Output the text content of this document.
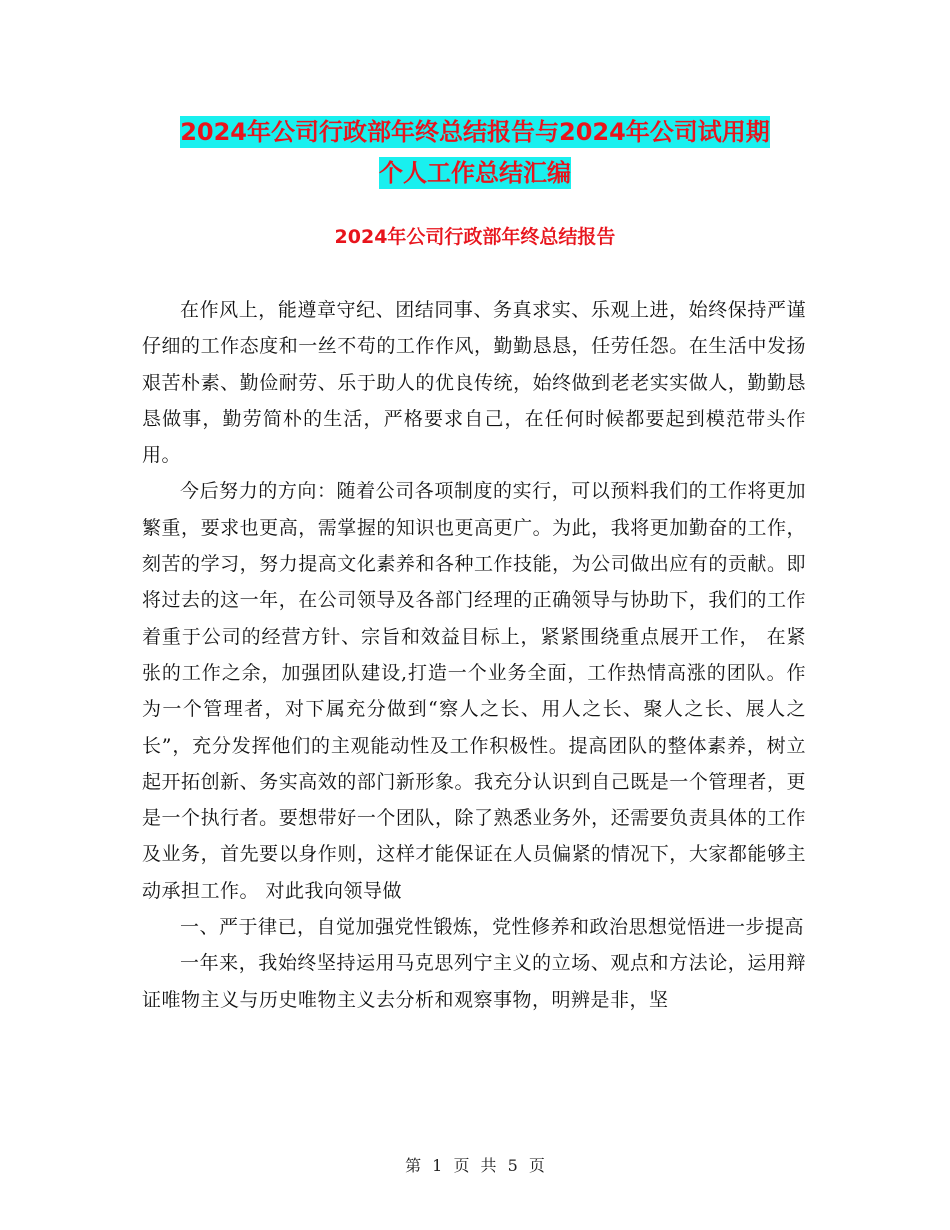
2024年公司行政部年终总结报告与2024年公司试用期
个人工作总结汇编
2024年公司行政部年终总结报告

在作风上，能遵章守纪、团结同事、务真求实、乐观上进，始终保持严谨仔细的工作态度和一丝不苟的工作作风，勤勤恳恳，任劳任怨。在生活中发扬艰苦朴素、勤俭耐劳、乐于助人的优良传统，始终做到老老实实做人，勤勤恳恳做事，勤劳简朴的生活，严格要求自己，在任何时候都要起到模范带头作用。

今后努力的方向：随着公司各项制度的实行，可以预料我们的工作将更加繁重，要求也更高，需掌握的知识也更高更广。为此，我将更加勤奋的工作，刻苦的学习，努力提高文化素养和各种工作技能，为公司做出应有的贡献。即将过去的这一年，在公司领导及各部门经理的正确领导与协助下，我们的工作着重于公司的经营方针、宗旨和效益目标上，紧紧围绕重点展开工作， 在紧张的工作之余，加强团队建设,打造一个业务全面，工作热情高涨的团队。作为一个管理者，对下属充分做到“察人之长、用人之长、聚人之长、展人之长”，充分发挥他们的主观能动性及工作积极性。提高团队的整体素养，树立起开拓创新、务实高效的部门新形象。我充分认识到自己既是一个管理者，更是一个执行者。要想带好一个团队，除了熟悉业务外，还需要负责具体的工作及业务，首先要以身作则，这样才能保证在人员偏紧的情况下，大家都能够主动承担工作。 对此我向领导做

一、严于律已，自觉加强党性锻炼，党性修养和政治思想觉悟进一步提高

一年来，我始终坚持运用马克思列宁主义的立场、观点和方法论，运用辩证唯物主义与历史唯物主义去分析和观察事物，明辨是非，坚

第 1 页 共 5 页
